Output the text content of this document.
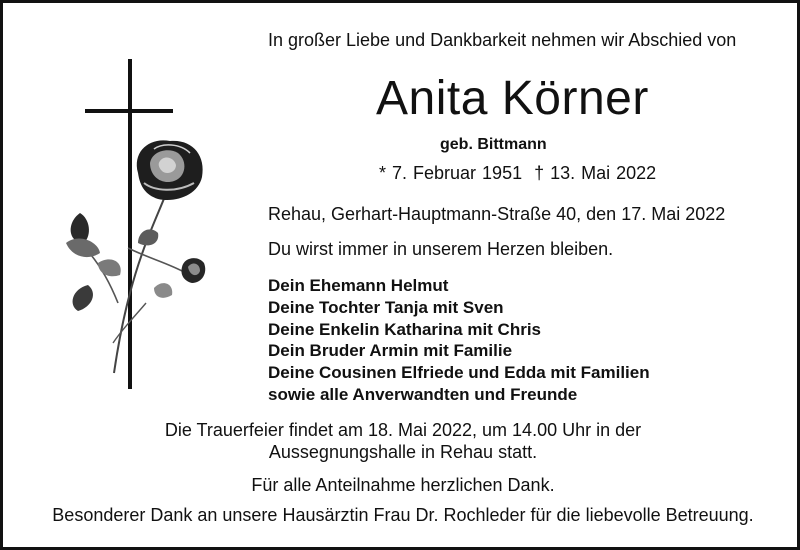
In großer Liebe und Dankbarkeit nehmen wir Abschied von
Anita Körner
geb. Bittmann
* 7. Februar 1951 † 13. Mai 2022
Rehau, Gerhart-Hauptmann-Straße 40, den 17. Mai 2022
Du wirst immer in unserem Herzen bleiben.
Dein Ehemann Helmut
Deine Tochter Tanja mit Sven
Deine Enkelin Katharina mit Chris
Dein Bruder Armin mit Familie
Deine Cousinen Elfriede und Edda mit Familien
sowie alle Anverwandten und Freunde
Die Trauerfeier findet am 18. Mai 2022, um 14.00 Uhr in der
Aussegnungshalle in Rehau statt.
Für alle Anteilnahme herzlichen Dank.
Besonderer Dank an unsere Hausärztin Frau Dr. Rochleder für die liebevolle Betreuung.
